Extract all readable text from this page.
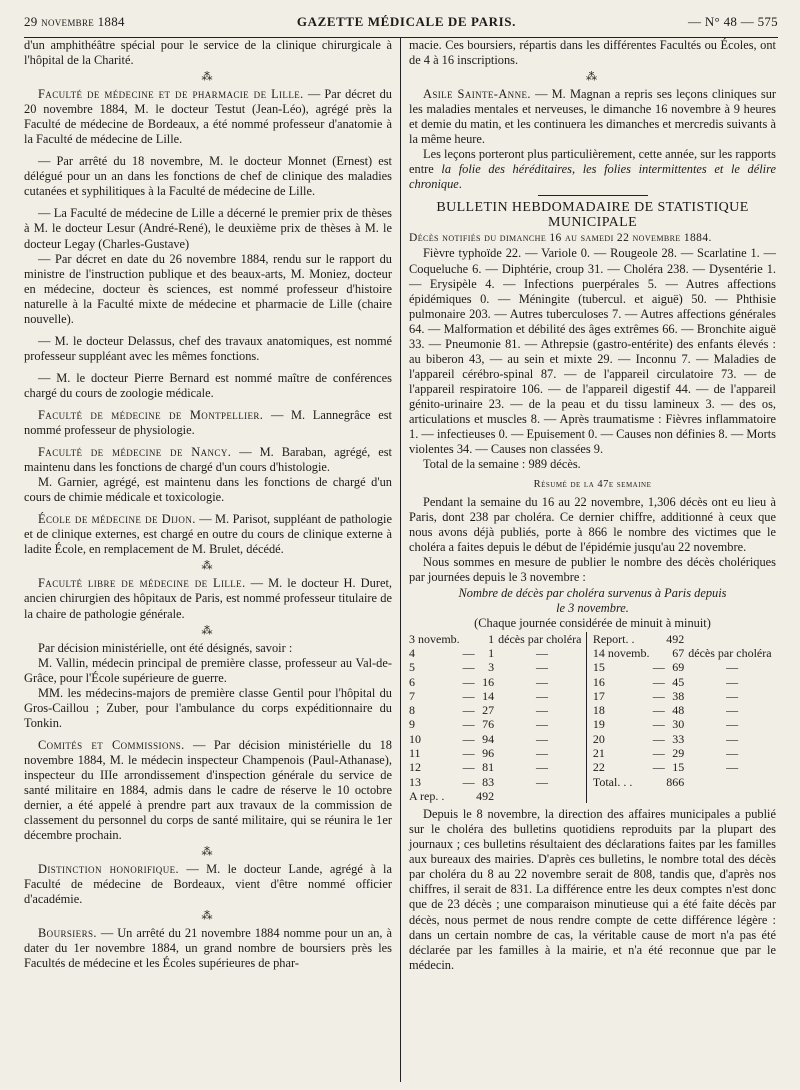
29 novembre 1884	GAZETTE MÉDICALE DE PARIS.	— N° 48 — 575

d'un amphithéâtre spécial pour le service de la clinique chirurgicale à l'hôpital de la Charité.

⁂

Faculté de médecine et de pharmacie de Lille. — Par décret du 20 novembre 1884, M. le docteur Testut (Jean-Léo), agrégé près la Faculté de médecine de Bordeaux, a été nommé professeur d'anatomie à la Faculté de médecine de Lille.

— Par arrêté du 18 novembre, M. le docteur Monnet (Ernest) est délégué pour un an dans les fonctions de chef de clinique des maladies cutanées et syphilitiques à la Faculté de médecine de Lille.

— La Faculté de médecine de Lille a décerné le premier prix de thèses à M. le docteur Lesur (André-René), le deuxième prix de thèses à M. le docteur Legay (Charles-Gustave)

— Par décret en date du 26 novembre 1884, rendu sur le rapport du ministre de l'instruction publique et des beaux-arts, M. Moniez, docteur en médecine, docteur ès sciences, est nommé professeur d'histoire naturelle à la Faculté mixte de médecine et pharmacie de Lille (chaire nouvelle).

— M. le docteur Delassus, chef des travaux anatomiques, est nommé professeur suppléant avec les mêmes fonctions.

— M. le docteur Pierre Bernard est nommé maître de conférences chargé du cours de zoologie médicale.

Faculté de médecine de Montpellier. — M. Lannegrâce est nommé professeur de physiologie.

Faculté de médecine de Nancy. — M. Baraban, agrégé, est maintenu dans les fonctions de chargé d'un cours d'histologie.

M. Garnier, agrégé, est maintenu dans les fonctions de chargé d'un cours de chimie médicale et toxicologie.

École de médecine de Dijon. — M. Parisot, suppléant de pathologie et de clinique externes, est chargé en outre du cours de clinique externe à ladite École, en remplacement de M. Brulet, décédé.

⁂

Faculté libre de médecine de Lille. — M. le docteur H. Duret, ancien chirurgien des hôpitaux de Paris, est nommé professeur titulaire de la chaire de pathologie générale.

⁂

Par décision ministérielle, ont été désignés, savoir :

M. Vallin, médecin principal de première classe, professeur au Val-de-Grâce, pour l'École supérieure de guerre.

MM. les médecins-majors de première classe Gentil pour l'hôpital du Gros-Caillou ; Zuber, pour l'ambulance du corps expéditionnaire du Tonkin.

Comités et Commissions. — Par décision ministérielle du 18 novembre 1884, M. le médecin inspecteur Champenois (Paul-Athanase), inspecteur du IIIe arrondissement d'inspection générale du service de santé militaire en 1884, admis dans le cadre de réserve le 10 octobre dernier, a été appelé à prendre part aux travaux de la commission de classement du personnel du corps de santé militaire, qui se réunira le 1er décembre prochain.

⁂

Distinction honorifique. — M. le docteur Lande, agrégé à la Faculté de médecine de Bordeaux, vient d'être nommé officier d'académie.

⁂

Boursiers. — Un arrêté du 21 novembre 1884 nomme pour un an, à dater du 1er novembre 1884, un grand nombre de boursiers près les Facultés de médecine et les Écoles supérieures de phar-

macie. Ces boursiers, répartis dans les différentes Facultés ou Écoles, ont de 4 à 16 inscriptions.

⁂

Asile Sainte-Anne. — M. Magnan a repris ses leçons cliniques sur les maladies mentales et nerveuses, le dimanche 16 novembre à 9 heures et demie du matin, et les continuera les dimanches et mercredis suivants à la même heure.

Les leçons porteront plus particulièrement, cette année, sur les rapports entre la folie des héréditaires, les folies intermittentes et le délire chronique.

BULLETIN HEBDOMADAIRE DE STATISTIQUE
MUNICIPALE

Décès notifiés du dimanche 16 au samedi 22 novembre 1884.

Fièvre typhoïde 22. — Variole 0. — Rougeole 28. — Scarlatine 1. — Coqueluche 6. — Diphtérie, croup 31. — Choléra 238. — Dysentérie 1. — Erysipèle 4. — Infections puerpérales 5. — Autres affections épidémiques 0. — Méningite (tubercul. et aiguë) 50. — Phthisie pulmonaire 203. — Autres tuberculoses 7. — Autres affections générales 64. — Malformation et débilité des âges extrêmes 66. — Bronchite aiguë 33. — Pneumonie 81. — Athrepsie (gastro-entérite) des enfants élevés : au biberon 43, — au sein et mixte 29. — Inconnu 7. — Maladies de l'appareil cérébro-spinal 87. — de l'appareil circulatoire 73. — de l'appareil respiratoire 106. — de l'appareil digestif 44. — de l'appareil génito-urinaire 23. — de la peau et du tissu lamineux 3. — des os, articulations et muscles 8. — Après traumatisme : Fièvres inflammatoire 1. — infectieuses 0. — Epuisement 0. — Causes non définies 8. — Morts violentes 34. — Causes non classées 9.

Total de la semaine : 989 décès.

Résumé de la 47e semaine

Pendant la semaine du 16 au 22 novembre, 1,306 décès ont eu lieu à Paris, dont 238 par choléra. Ce dernier chiffre, additionné à ceux que nous avons déjà publiés, porte à 866 le nombre des victimes que le choléra a faites depuis le début de l'épidémie jusqu'au 22 novembre.

Nous sommes en mesure de publier le nombre des décès cholériques par journées depuis le 3 novembre :

Nombre de décès par choléra survenus à Paris depuis
le 3 novembre.
(Chaque journée considérée de minuit à minuit)
3 novemb.		1	décès par choléra		Report. .		492	
4	—	1	—		14 novemb.		67	décès par choléra
5	—	3	—		15	—	69	—
6	—	16	—		16	—	45	—
7	—	14	—		17	—	38	—
8	—	27	—		18	—	48	—
9	—	76	—		19	—	30	—
10	—	94	—		20	—	33	—
11	—	96	—		21	—	29	—
12	—	81	—		22	—	15	—
13	—	83	—		Total. . .		866	
A rep. .		492						

Depuis le 8 novembre, la direction des affaires municipales a publié sur le choléra des bulletins quotidiens reproduits par la plupart des journaux ; ces bulletins résultaient des déclarations faites par les familles aux bureaux des mairies. D'après ces bulletins, le nombre total des décès par choléra du 8 au 22 novembre serait de 808, tandis que, d'après nos chiffres, il serait de 831. La différence entre les deux comptes n'est donc que de 23 décès ; une comparaison minutieuse qui a été faite décès par décès, nous permet de nous rendre compte de cette différence légère : dans un certain nombre de cas, la véritable cause de mort n'a pas été déclarée par les familles à la mairie, et n'a été reconnue que par le médecin.
